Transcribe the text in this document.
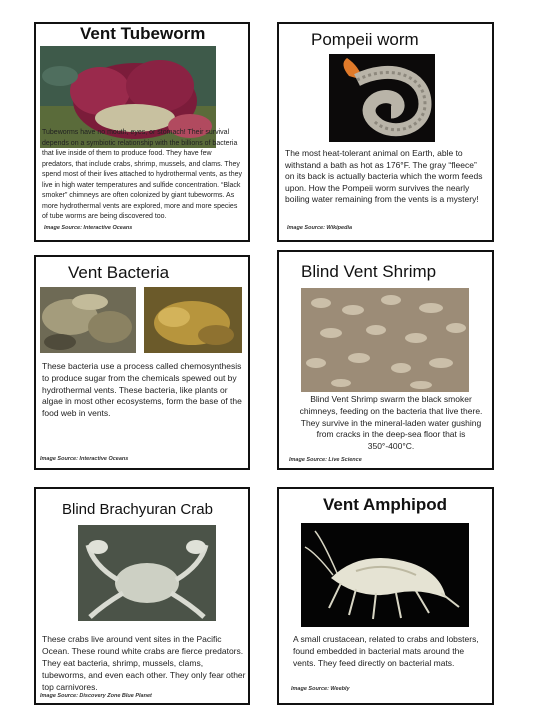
Vent Tubeworm
Tubeworms have no mouth, eyes, or stomach! Their survival depends on a symbiotic relationship with the billions of bacteria that live inside of them to produce food. They have few predators, that include crabs, shrimp, mussels, and clams. They spend most of their lives attached to hydrothermal vents, as they live in high water temperatures and sulfide concentration. “Black smoker” chimneys are often colonized by giant tubeworms. As more hydrothermal vents are explored, more and more species of tube worms are being discovered too.
Image Source: Interactive Oceans
Pompeii worm
The most heat-tolerant animal on Earth, able to withstand a bath as hot as 176°F. The gray “fleece” on its back is actually bacteria which the worm feeds upon. How the Pompeii worm survives the nearly boiling water remaining from the vents is a mystery!
Image Source: Wikipedia
Vent Bacteria
These bacteria use a process called chemosynthesis to produce sugar from the chemicals spewed out by hydrothermal vents. These bacteria, like plants or algae in most other ecosystems, form the base of the food web in vents.
Image Source: Interactive Oceans
Blind Vent Shrimp
Blind Vent Shrimp swarm the black smoker chimneys, feeding on the bacteria that live there. They survive in the mineral-laden water gushing from cracks in the deep-sea floor that is 350°-400°C.
Image Source: Live Science
Blind Brachyuran Crab
These crabs live around vent sites in the Pacific Ocean. These round white crabs are fierce predators. They eat bacteria, shrimp, mussels, clams, tubeworms, and even each other. They only fear other top carnivores.
Image Source: Discovery Zone Blue Planet
Vent Amphipod
A small crustacean, related to crabs and lobsters, found embedded in bacterial mats around the vents. They feed directly on bacterial mats.
Image Source: Weebly
